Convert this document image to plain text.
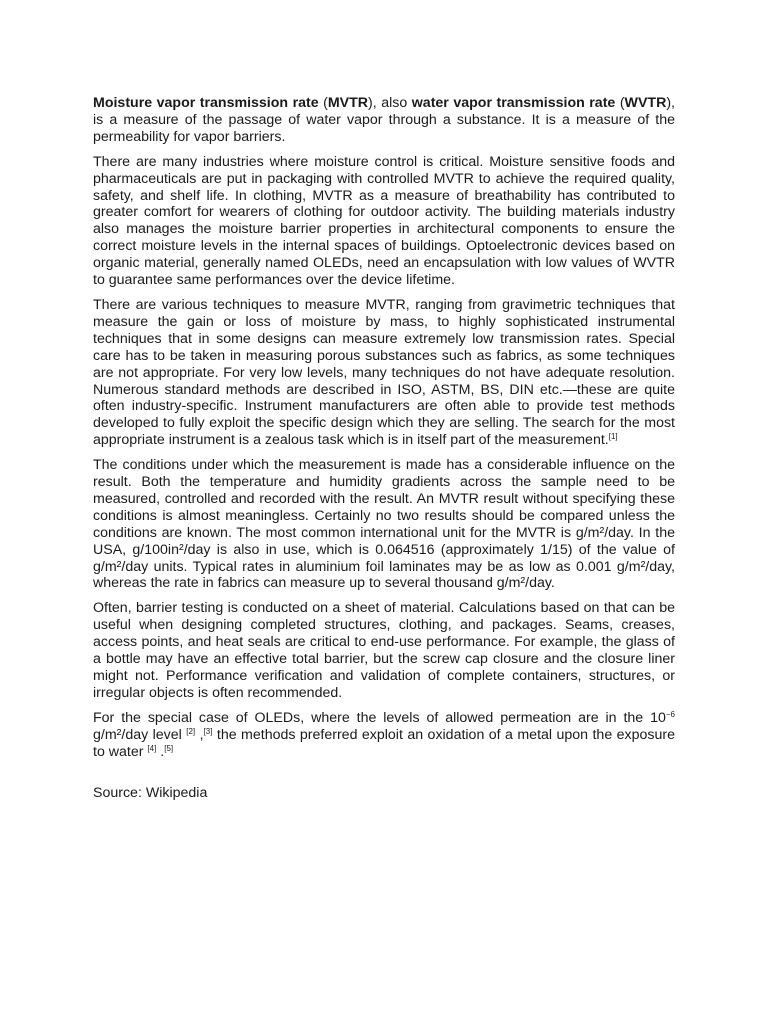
Moisture vapor transmission rate (MVTR), also water vapor transmission rate (WVTR), is a measure of the passage of water vapor through a substance. It is a measure of the permeability for vapor barriers.

There are many industries where moisture control is critical. Moisture sensitive foods and pharmaceuticals are put in packaging with controlled MVTR to achieve the required quality, safety, and shelf life. In clothing, MVTR as a measure of breathability has contributed to greater comfort for wearers of clothing for outdoor activity. The building materials industry also manages the moisture barrier properties in architectural components to ensure the correct moisture levels in the internal spaces of buildings. Optoelectronic devices based on organic material, generally named OLEDs, need an encapsulation with low values of WVTR to guarantee same performances over the device lifetime.

There are various techniques to measure MVTR, ranging from gravimetric techniques that measure the gain or loss of moisture by mass, to highly sophisticated instrumental techniques that in some designs can measure extremely low transmission rates. Special care has to be taken in measuring porous substances such as fabrics, as some techniques are not appropriate. For very low levels, many techniques do not have adequate resolution. Numerous standard methods are described in ISO, ASTM, BS, DIN etc.—these are quite often industry-specific. Instrument manufacturers are often able to provide test methods developed to fully exploit the specific design which they are selling. The search for the most appropriate instrument is a zealous task which is in itself part of the measurement.[1]

The conditions under which the measurement is made has a considerable influence on the result. Both the temperature and humidity gradients across the sample need to be measured, controlled and recorded with the result. An MVTR result without specifying these conditions is almost meaningless. Certainly no two results should be compared unless the conditions are known. The most common international unit for the MVTR is g/m²/day. In the USA, g/100in²/day is also in use, which is 0.064516 (approximately 1/15) of the value of g/m²/day units. Typical rates in aluminium foil laminates may be as low as 0.001 g/m²/day, whereas the rate in fabrics can measure up to several thousand g/m²/day.

Often, barrier testing is conducted on a sheet of material. Calculations based on that can be useful when designing completed structures, clothing, and packages. Seams, creases, access points, and heat seals are critical to end-use performance. For example, the glass of a bottle may have an effective total barrier, but the screw cap closure and the closure liner might not. Performance verification and validation of complete containers, structures, or irregular objects is often recommended.

For the special case of OLEDs, where the levels of allowed permeation are in the $10^{-6}$ g/m²/day level [2] ,[3] the methods preferred exploit an oxidation of a metal upon the exposure to water [4] .[5]

Source: Wikipedia
